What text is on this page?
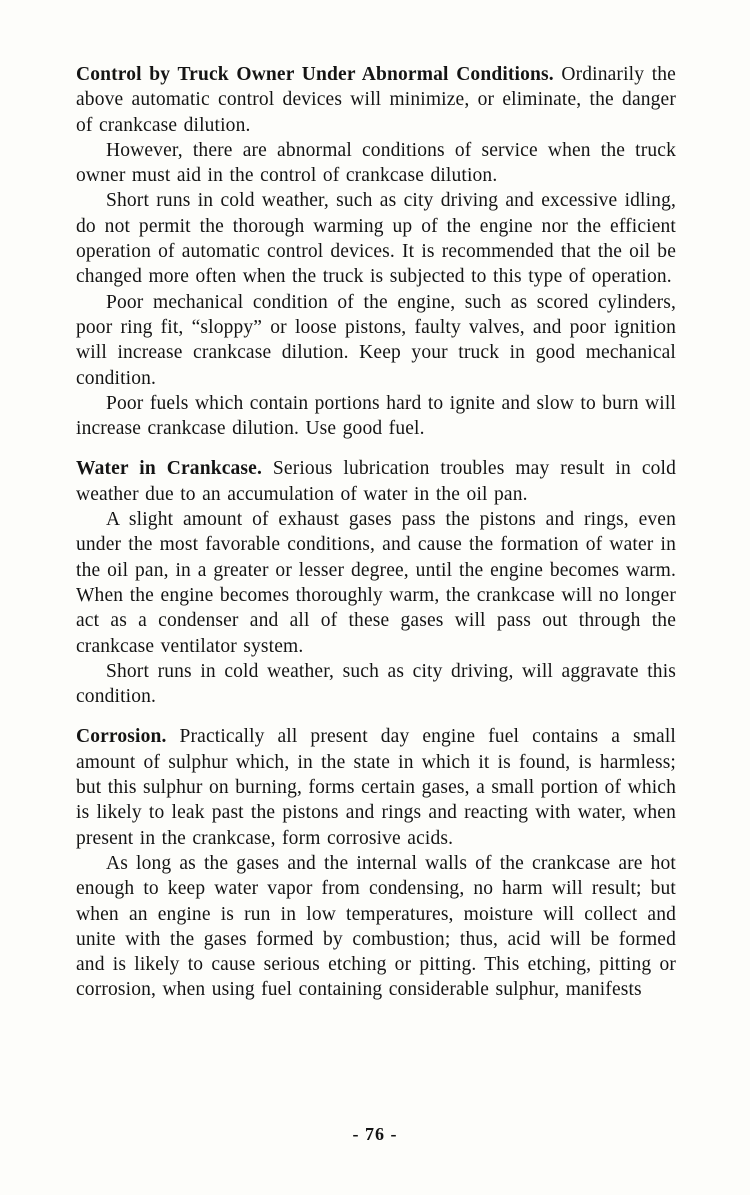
Control by Truck Owner Under Abnormal Conditions. Ordinarily the above automatic control devices will minimize, or eliminate, the danger of crankcase dilution.

However, there are abnormal conditions of service when the truck owner must aid in the control of crankcase dilution.

Short runs in cold weather, such as city driving and excessive idling, do not permit the thorough warming up of the engine nor the efficient operation of automatic control devices. It is recommended that the oil be changed more often when the truck is subjected to this type of operation.

Poor mechanical condition of the engine, such as scored cylinders, poor ring fit, “sloppy” or loose pistons, faulty valves, and poor ignition will increase crankcase dilution. Keep your truck in good mechanical condition.

Poor fuels which contain portions hard to ignite and slow to burn will increase crankcase dilution. Use good fuel.

Water in Crankcase. Serious lubrication troubles may result in cold weather due to an accumulation of water in the oil pan.

A slight amount of exhaust gases pass the pistons and rings, even under the most favorable conditions, and cause the formation of water in the oil pan, in a greater or lesser degree, until the engine becomes warm. When the engine becomes thoroughly warm, the crankcase will no longer act as a condenser and all of these gases will pass out through the crankcase ventilator system.

Short runs in cold weather, such as city driving, will aggravate this condition.

Corrosion. Practically all present day engine fuel contains a small amount of sulphur which, in the state in which it is found, is harmless; but this sulphur on burning, forms certain gases, a small portion of which is likely to leak past the pistons and rings and reacting with water, when present in the crankcase, form corrosive acids.

As long as the gases and the internal walls of the crankcase are hot enough to keep water vapor from condensing, no harm will result; but when an engine is run in low temperatures, moisture will collect and unite with the gases formed by combustion; thus, acid will be formed and is likely to cause serious etching or pitting. This etching, pitting or corrosion, when using fuel containing considerable sulphur, manifests

- 76 -
